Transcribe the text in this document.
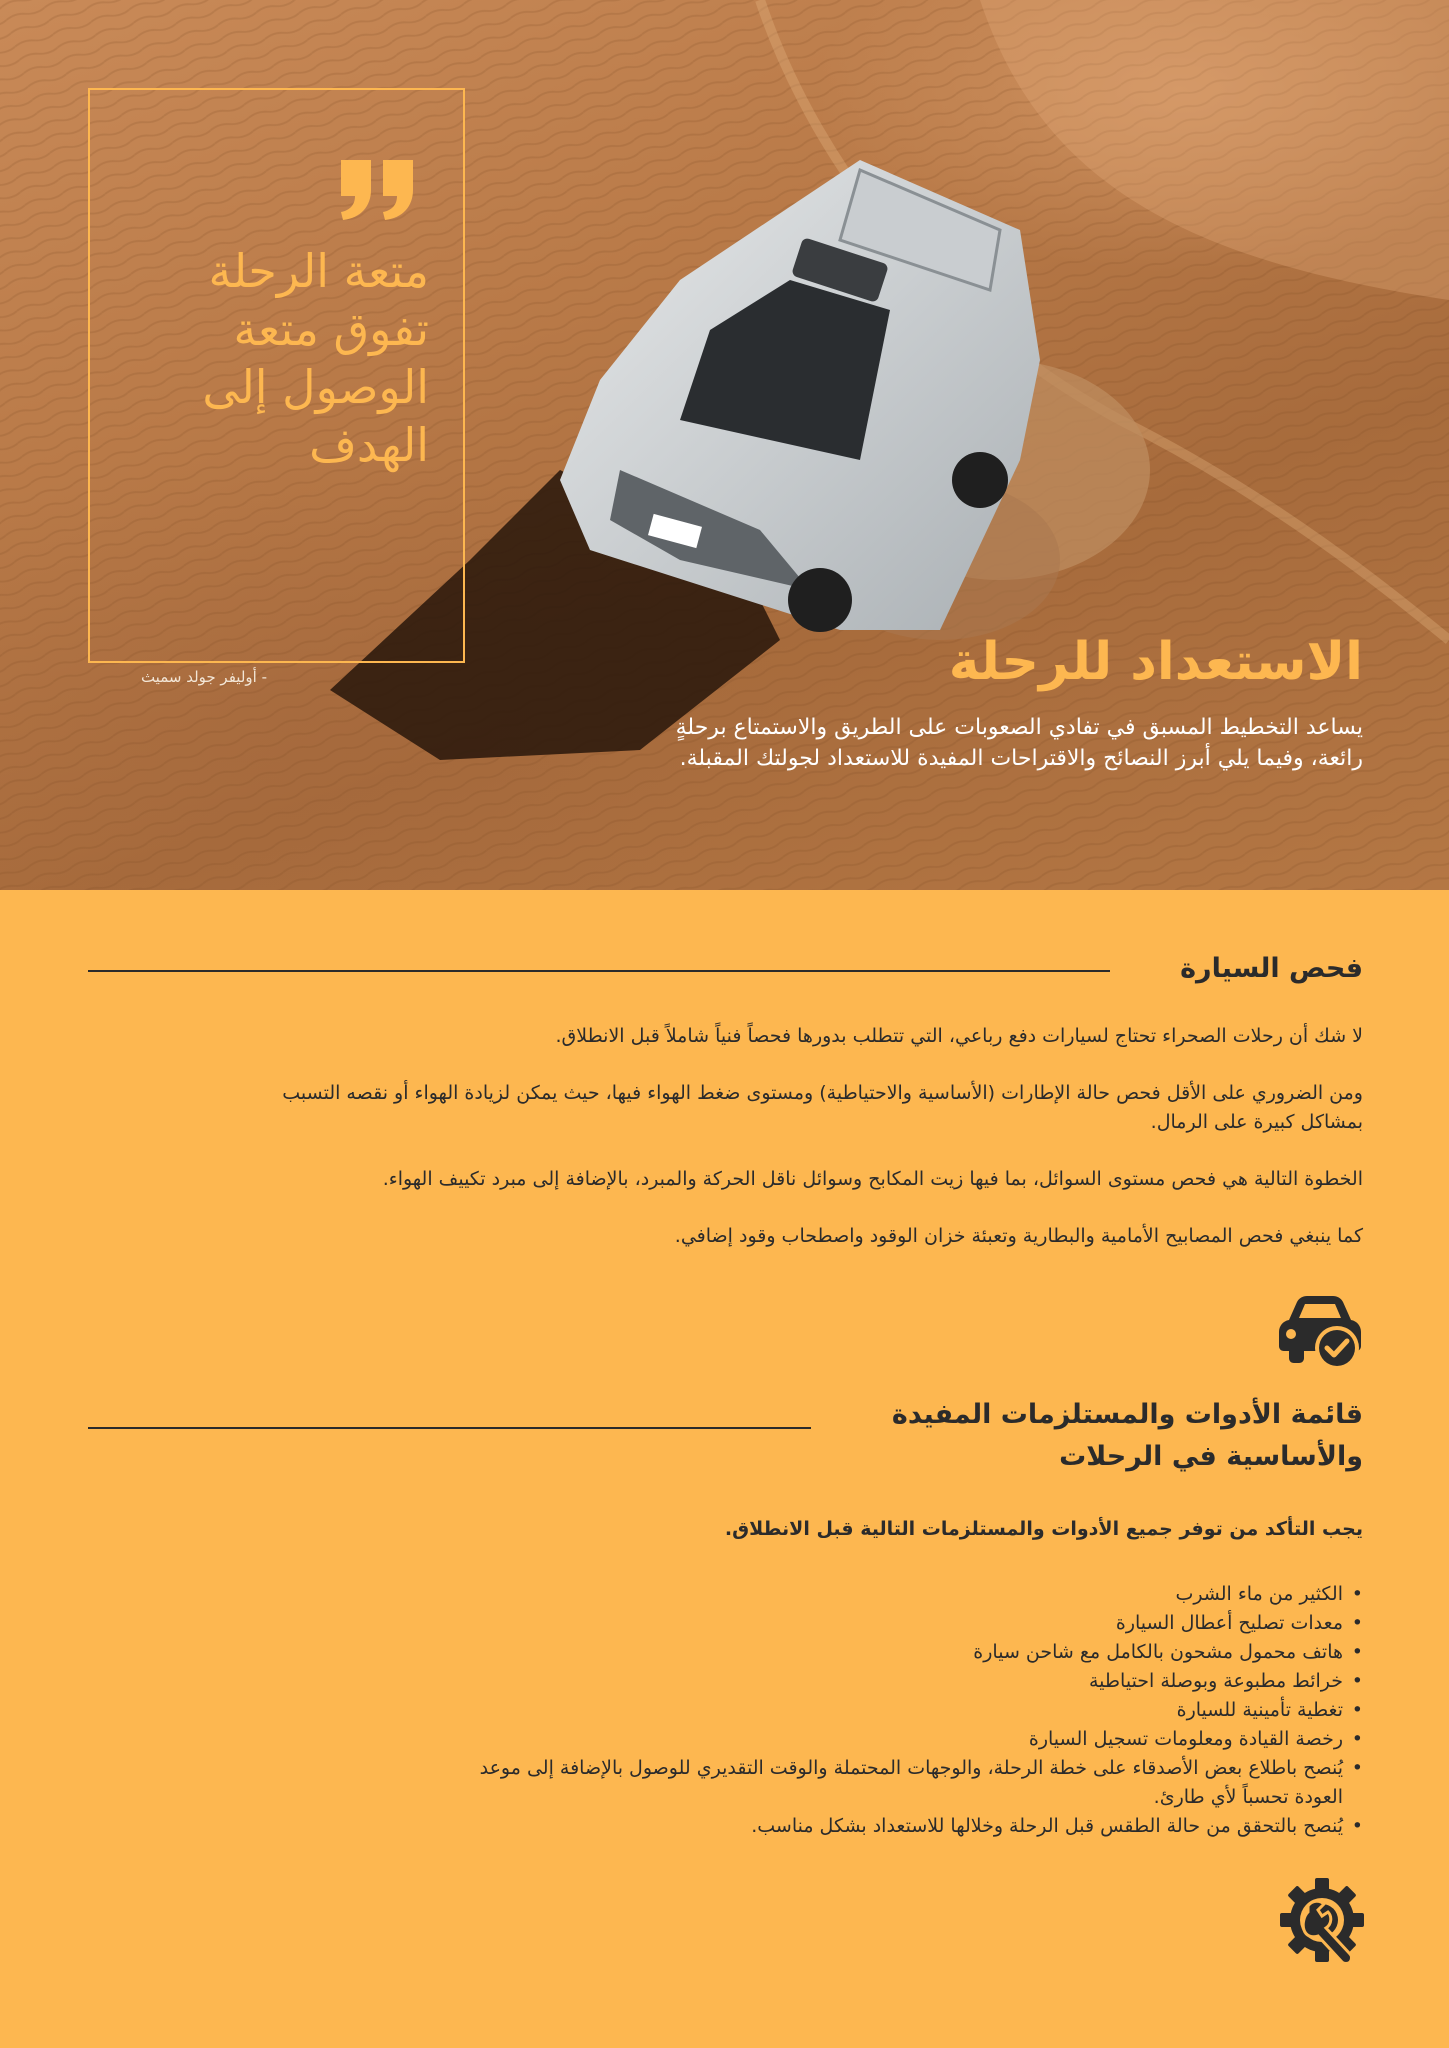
متعة الرحلة تفوق متعة الوصول إلى الهدف
- أوليفر جولد سميث	الاستعداد للرحلة

يساعد التخطيط المسبق في تفادي الصعوبات على الطريق والاستمتاع برحلةٍ رائعة، وفيما يلي أبرز النصائح والاقتراحات المفيدة للاستعداد لجولتك المقبلة.

فحص السيارة

لا شك أن رحلات الصحراء تحتاج لسيارات دفع رباعي، التي تتطلب بدورها فحصاً فنياً شاملاً قبل الانطلاق.

ومن الضروري على الأقل فحص حالة الإطارات (الأساسية والاحتياطية) ومستوى ضغط الهواء فيها، حيث يمكن لزيادة الهواء أو نقصه التسبب بمشاكل كبيرة على الرمال.

الخطوة التالية هي فحص مستوى السوائل، بما فيها زيت المكابح وسوائل ناقل الحركة والمبرد، بالإضافة إلى مبرد تكييف الهواء.

كما ينبغي فحص المصابيح الأمامية والبطارية وتعبئة خزان الوقود واصطحاب وقود إضافي.

قائمة الأدوات والمستلزمات المفيدة والأساسية في الرحلات

يجب التأكد من توفر جميع الأدوات والمستلزمات التالية قبل الانطلاق.

• الكثير من ماء الشرب
• معدات تصليح أعطال السيارة
• هاتف محمول مشحون بالكامل مع شاحن سيارة
• خرائط مطبوعة وبوصلة احتياطية
• تغطية تأمينية للسيارة
• رخصة القيادة ومعلومات تسجيل السيارة
• يُنصح باطلاع بعض الأصدقاء على خطة الرحلة، والوجهات المحتملة والوقت التقديري للوصول بالإضافة إلى موعد العودة تحسباً لأي طارئ.
• يُنصح بالتحقق من حالة الطقس قبل الرحلة وخلالها للاستعداد بشكل مناسب.
